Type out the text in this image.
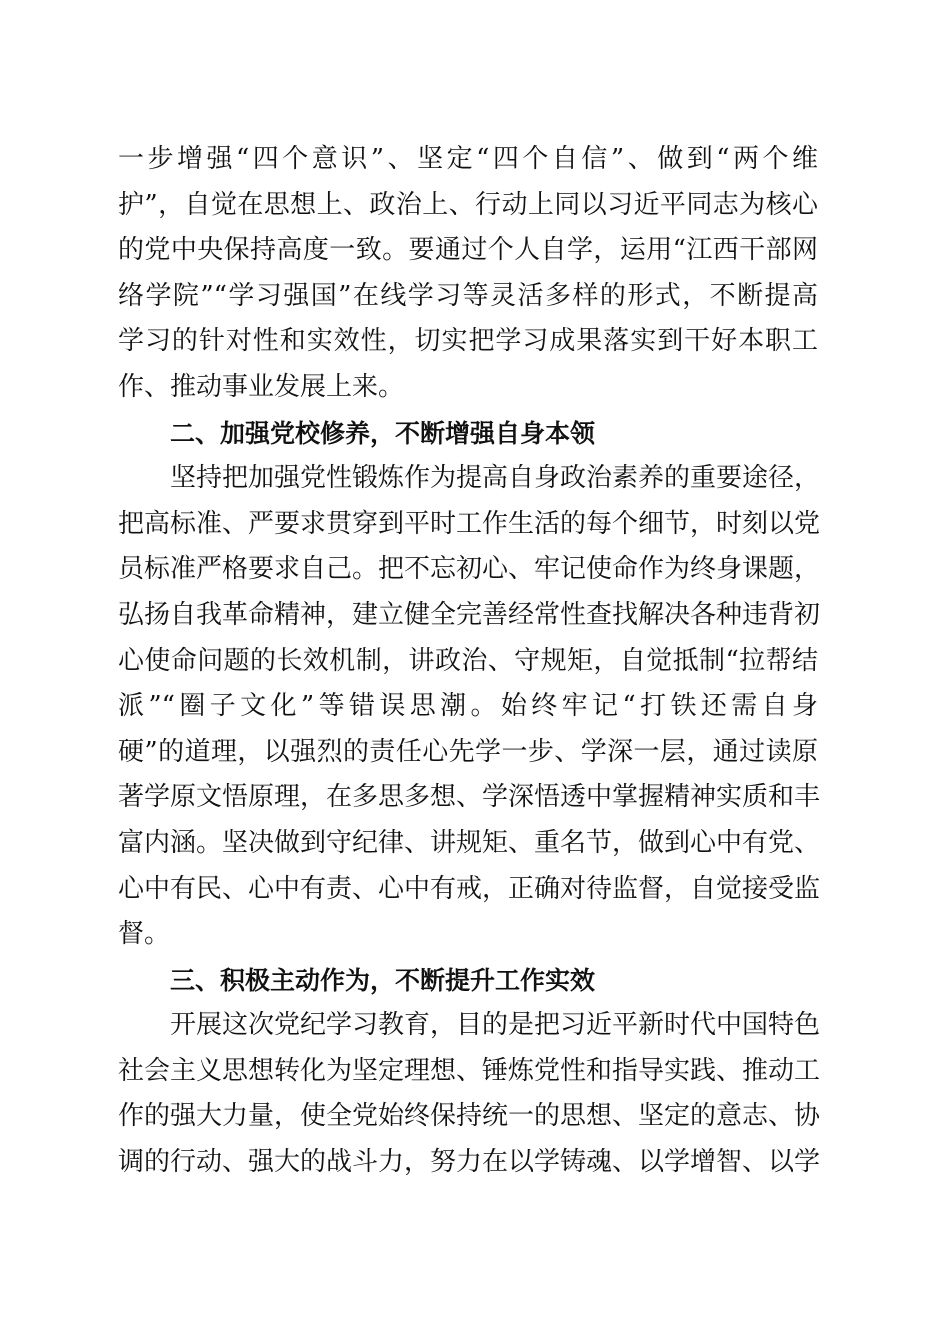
一步增强“四个意识”、坚定“四个自信”、做到“两个维

护”，自觉在思想上、政治上、行动上同以习近平同志为核心

的党中央保持高度一致。要通过个人自学，运用“江西干部网

络学院”“学习强国”在线学习等灵活多样的形式，不断提高

学习的针对性和实效性，切实把学习成果落实到干好本职工

作、推动事业发展上来。

二、加强党校修养，不断增强自身本领

坚持把加强党性锻炼作为提高自身政治素养的重要途径，

把高标准、严要求贯穿到平时工作生活的每个细节，时刻以党

员标准严格要求自己。把不忘初心、牢记使命作为终身课题，

弘扬自我革命精神，建立健全完善经常性查找解决各种违背初

心使命问题的长效机制，讲政治、守规矩，自觉抵制“拉帮结

派”“圈子文化”等错误思潮。始终牢记“打铁还需自身

硬”的道理，以强烈的责任心先学一步、学深一层，通过读原

著学原文悟原理，在多思多想、学深悟透中掌握精神实质和丰

富内涵。坚决做到守纪律、讲规矩、重名节，做到心中有党、

心中有民、心中有责、心中有戒，正确对待监督，自觉接受监

督。

三、积极主动作为，不断提升工作实效

开展这次党纪学习教育，目的是把习近平新时代中国特色

社会主义思想转化为坚定理想、锤炼党性和指导实践、推动工

作的强大力量，使全党始终保持统一的思想、坚定的意志、协

调的行动、强大的战斗力，努力在以学铸魂、以学增智、以学
